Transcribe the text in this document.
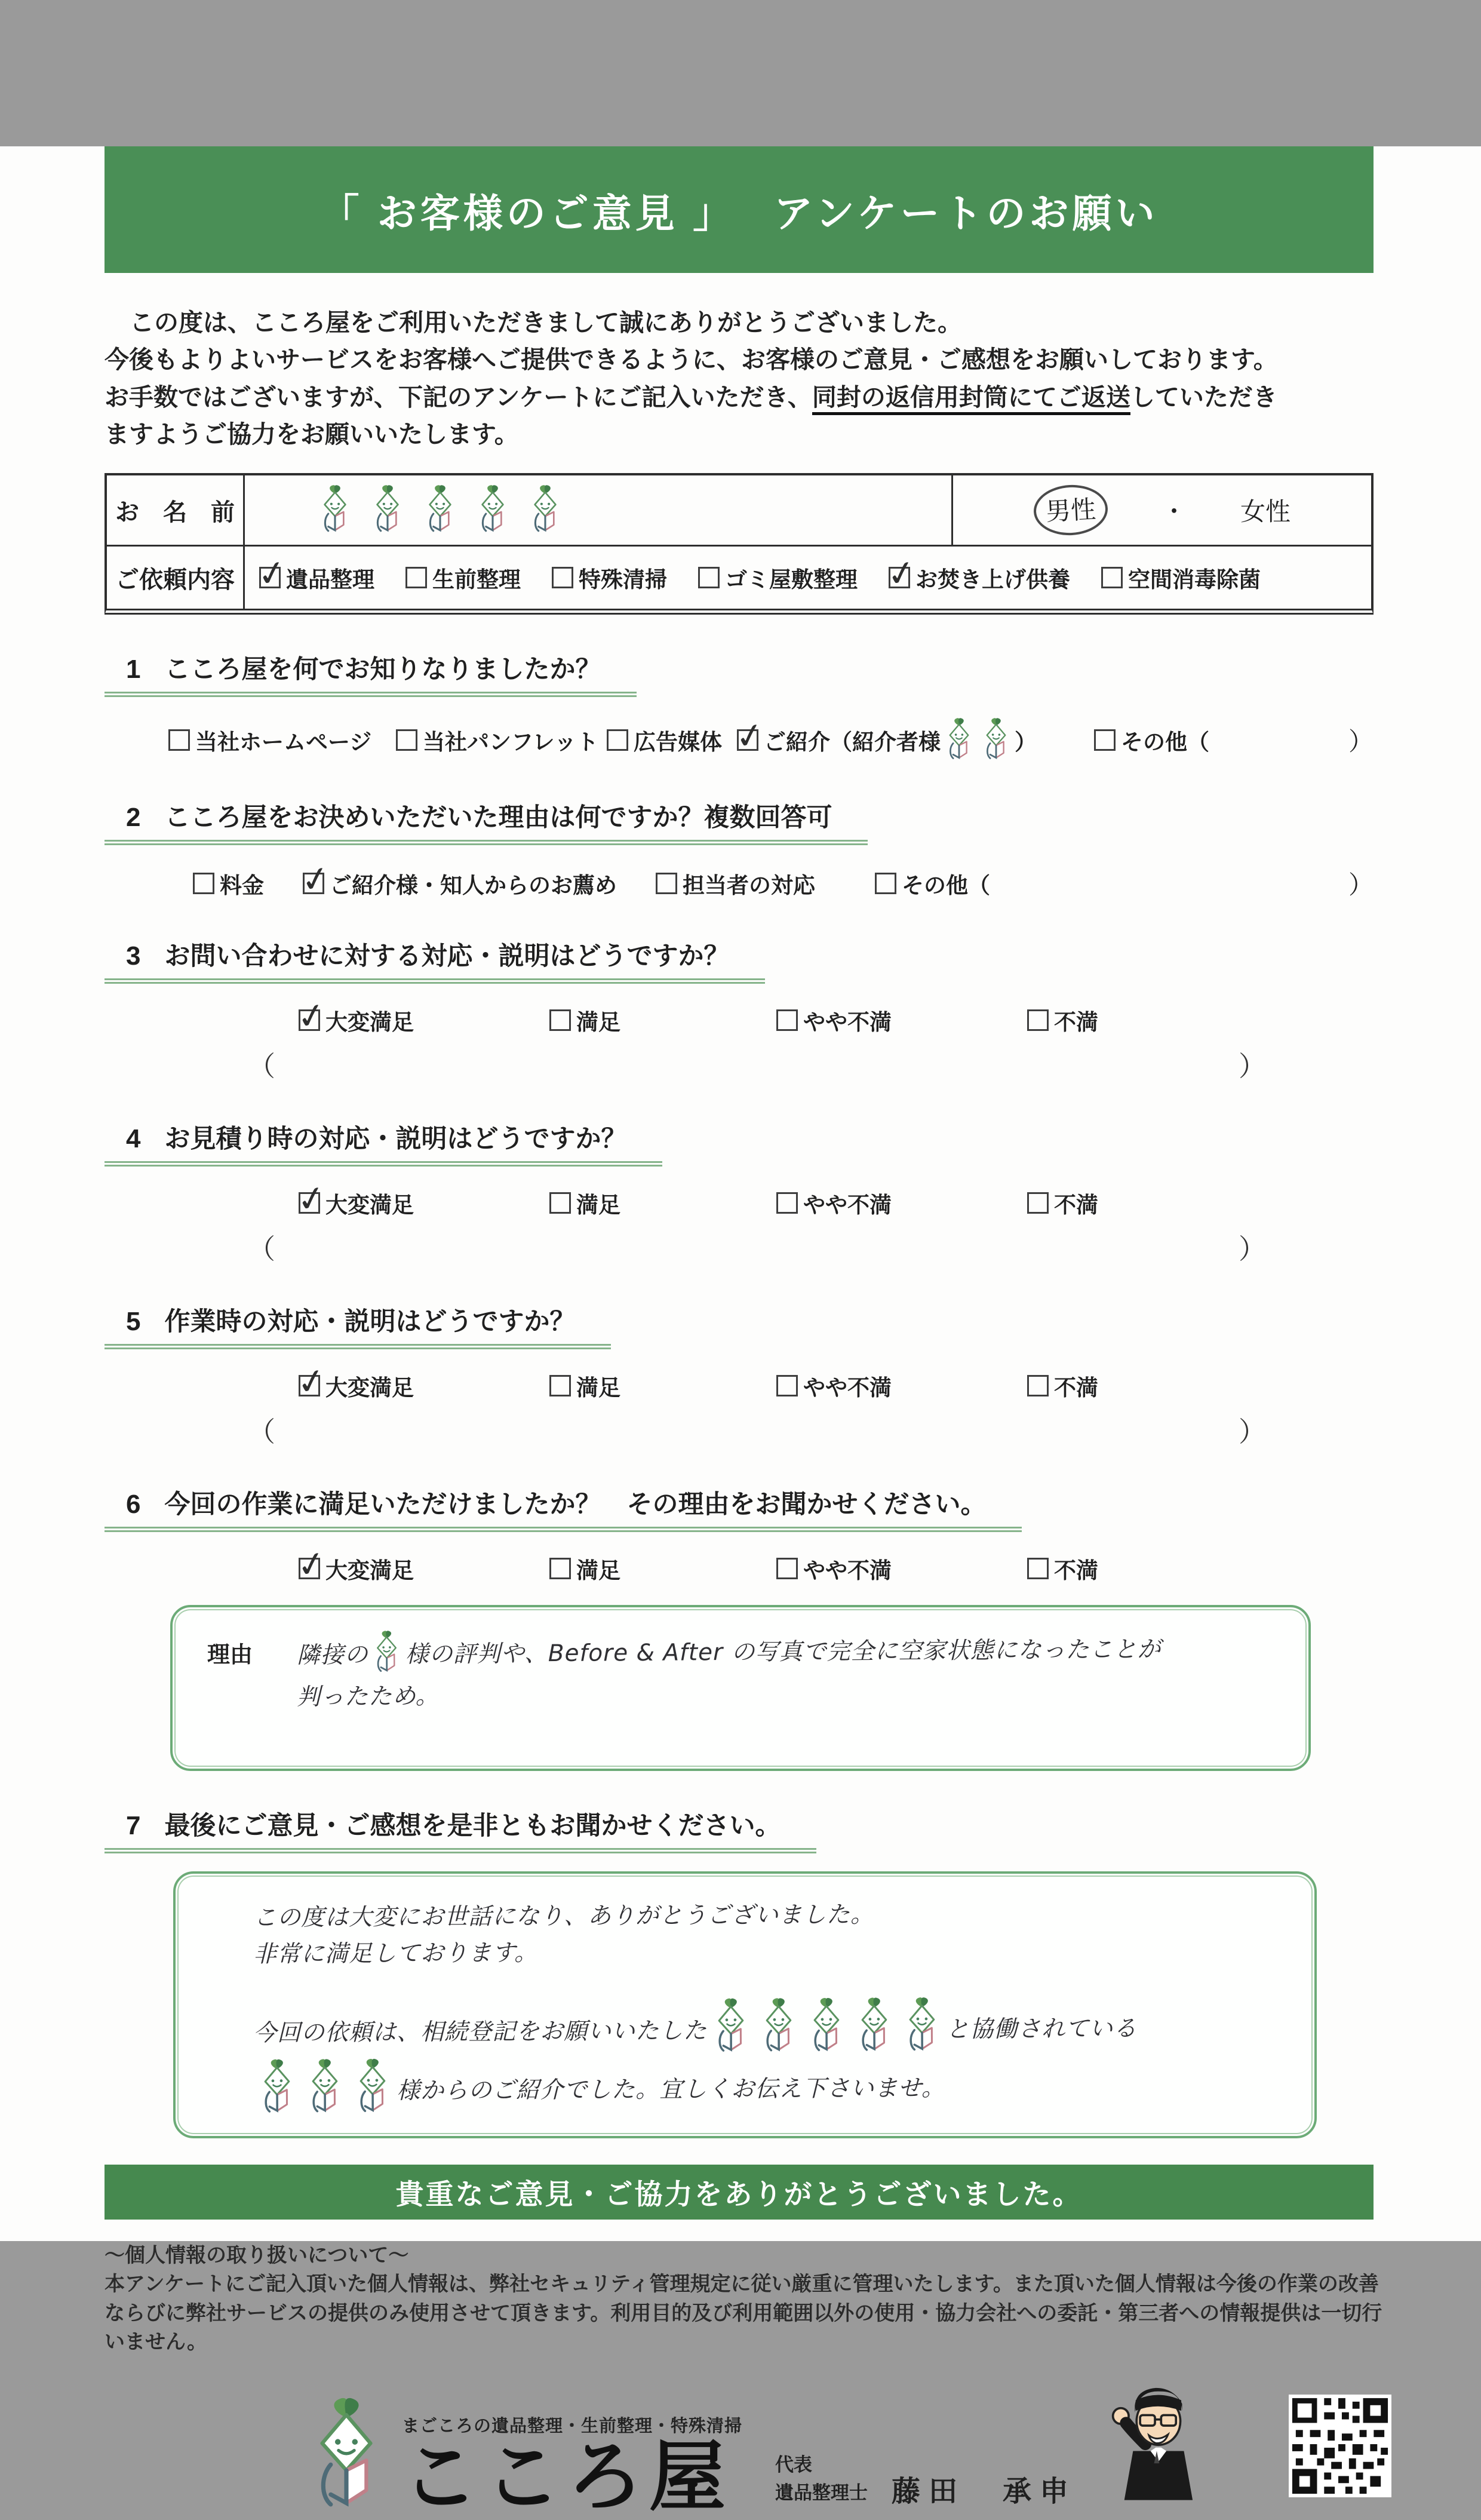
「 お客様のご意見 」　 アンケートのお願い
この度は、こころ屋をご利用いただきまして誠にありがとうございました。
今後もよりよいサービスをお客様へご提供できるように、お客様のご意見・ご感想をお願いしております。
お手数ではございますが、下記のアンケートにご記入いただき、同封の返信用封筒にてご返送していただき
ますようご協力をお願いいたします。
お　名　前	男性	・ 女性
ご依頼内容 ✓	遺品整理	生前整理	特殊清掃	ゴミ屋敷整理 ✓	お焚き上げ供養	空間消毒除菌
1 こころ屋を何でお知りなりましたか？
当社ホームページ 当社パンフレット 広告媒体 ✓ ご紹介（紹介者様	）	その他（	）
2 こころ屋をお決めいただいた理由は何ですか？複数回答可
料金 ✓	ご紹介様・知人からのお薦め	担当者の対応	その他（	）
3 お問い合わせに対する対応・説明はどうですか？
✓
大変満足	満足	やや不満	不満
（	）
4 お見積り時の対応・説明はどうですか？
✓
大変満足	満足	やや不満	不満
（	）
5 作業時の対応・説明はどうですか？
✓
大変満足	満足	やや不満	不満
（	）
6 今回の作業に満足いただけましたか？　その理由をお聞かせください。
✓
大変満足	満足	やや不満	不満
理由	隣接の 様の評判や、Before & After の写真で完全に空家状態になったことが
判ったため。
7 最後にご意見・ご感想を是非ともお聞かせください。
この度は大変にお世話になり、ありがとうございました。
非常に満足しております。
今回の依頼は、相続登記をお願いいたした	と協働されている
様からのご紹介でした。宜しくお伝え下さいませ。
貴重なご意見・ご協力をありがとうございました。
～個人情報の取り扱いについて～
本アンケートにご記入頂いた個人情報は、弊社セキュリティ管理規定に従い厳重に管理いたします。また頂いた個人情報は今後の作業の改善
ならびに弊社サービスの提供のみ使用させて頂きます。利用目的及び利用範囲以外の使用・協力会社への委託・第三者への情報提供は一切行いません。
まごころの遺品整理・生前整理・特殊清掃
こころ屋	代表
遺品整理士 藤田　承申
